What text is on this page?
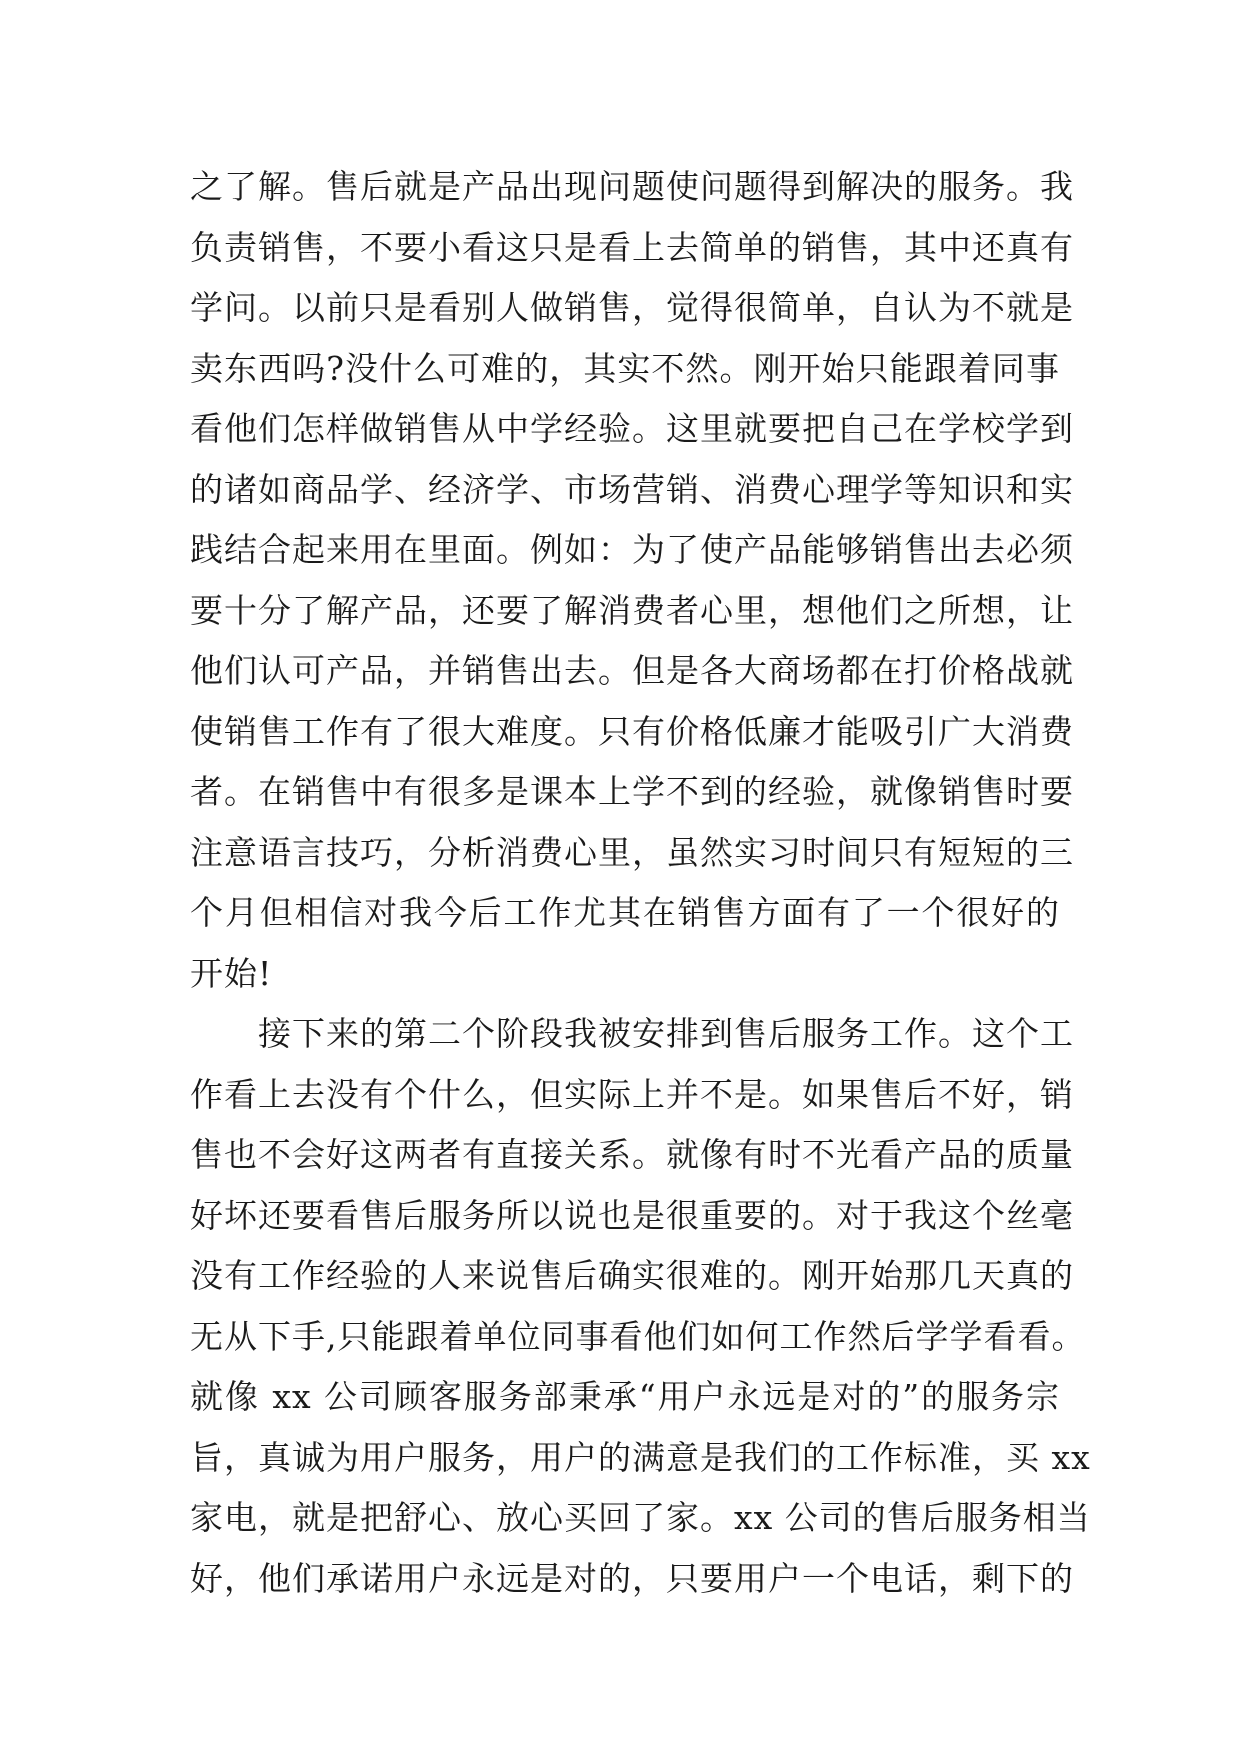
之了解。售后就是产品出现问题使问题得到解决的服务。我
负责销售，不要小看这只是看上去简单的销售，其中还真有
学问。以前只是看别人做销售，觉得很简单，自认为不就是
卖东西吗?没什么可难的，其实不然。刚开始只能跟着同事
看他们怎样做销售从中学经验。这里就要把自己在学校学到
的诸如商品学、经济学、市场营销、消费心理学等知识和实
践结合起来用在里面。例如：为了使产品能够销售出去必须
要十分了解产品，还要了解消费者心里，想他们之所想，让
他们认可产品，并销售出去。但是各大商场都在打价格战就
使销售工作有了很大难度。只有价格低廉才能吸引广大消费
者。在销售中有很多是课本上学不到的经验，就像销售时要
注意语言技巧，分析消费心里，虽然实习时间只有短短的三
个月但相信对我今后工作尤其在销售方面有了一个很好的
开始!
　　接下来的第二个阶段我被安排到售后服务工作。这个工
作看上去没有个什么，但实际上并不是。如果售后不好，销
售也不会好这两者有直接关系。就像有时不光看产品的质量
好坏还要看售后服务所以说也是很重要的。对于我这个丝毫
没有工作经验的人来说售后确实很难的。刚开始那几天真的
无从下手,只能跟着单位同事看他们如何工作然后学学看看。
就像 xx 公司顾客服务部秉承“用户永远是对的”的服务宗
旨，真诚为用户服务，用户的满意是我们的工作标准，买 xx
家电，就是把舒心、放心买回了家。xx 公司的售后服务相当
好，他们承诺用户永远是对的，只要用户一个电话，剩下的
